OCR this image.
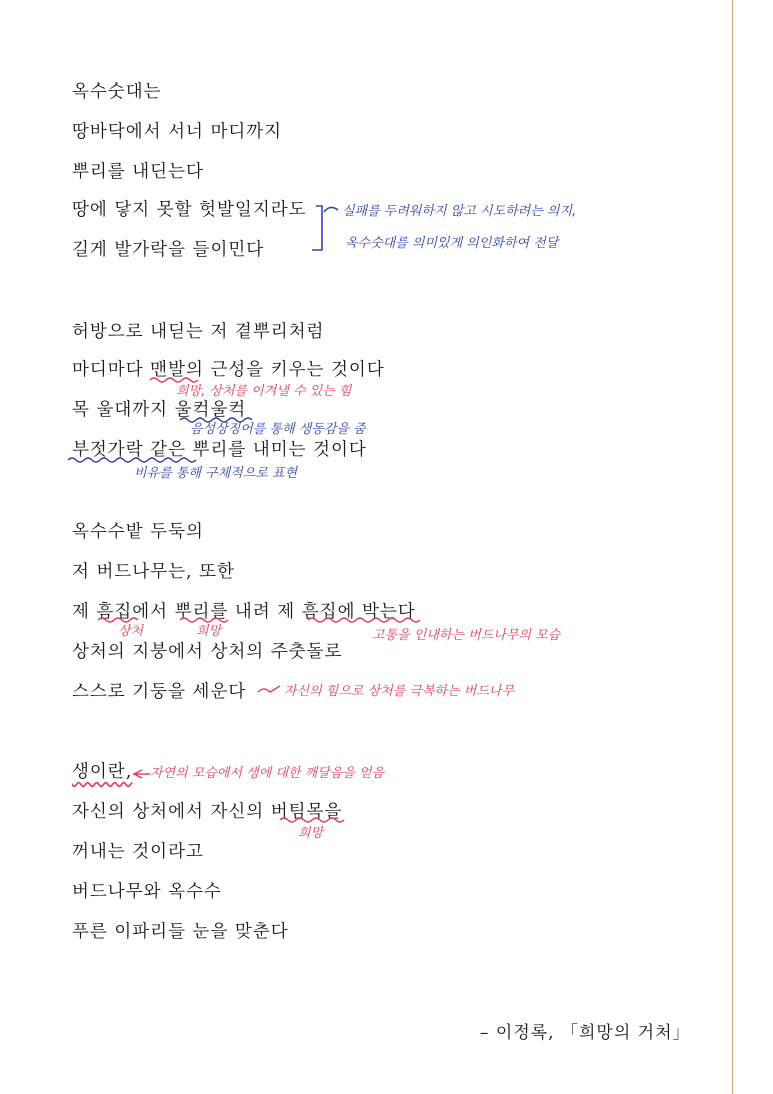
옥수숫대는
땅바닥에서 서너 마디까지
뿌리를 내딘는다
땅에 닿지 못할 헛발일지라도
길게 발가락을 들이민다
허방으로 내딛는 저 곁뿌리처럼
마디마다 맨발의 근성을 키우는 것이다
목 울대까지 울컥울컥
부젓가락 같은 뿌리를 내미는 것이다
옥수수밭 두둑의
저 버드나무는, 또한
제 흠집에서 뿌리를 내려 제 흠집에 박는다
상처의 지붕에서 상처의 주춧돌로
스스로 기둥을 세운다
생이란,
자신의 상처에서 자신의 버팀목을
꺼내는 것이라고
버드나무와 옥수수
푸른 이파리들 눈을 맞춘다
– 이정록, 「희망의 거처」
실패를 두려워하지 않고 시도하려는 의지,
옥수숫대를 의미있게 의인화하여 전달
희망, 상처를 이겨낼 수 있는 힘
음성상징어를 통해 생동감을 줌
비유를 통해 구체적으로 표현
상처	희망	고통을 인내하는 버드나무의 모습
자신의 힘으로 상처를 극복하는 버드나무
자연의 모습에서 생에 대한 깨달음을 얻음
희망
